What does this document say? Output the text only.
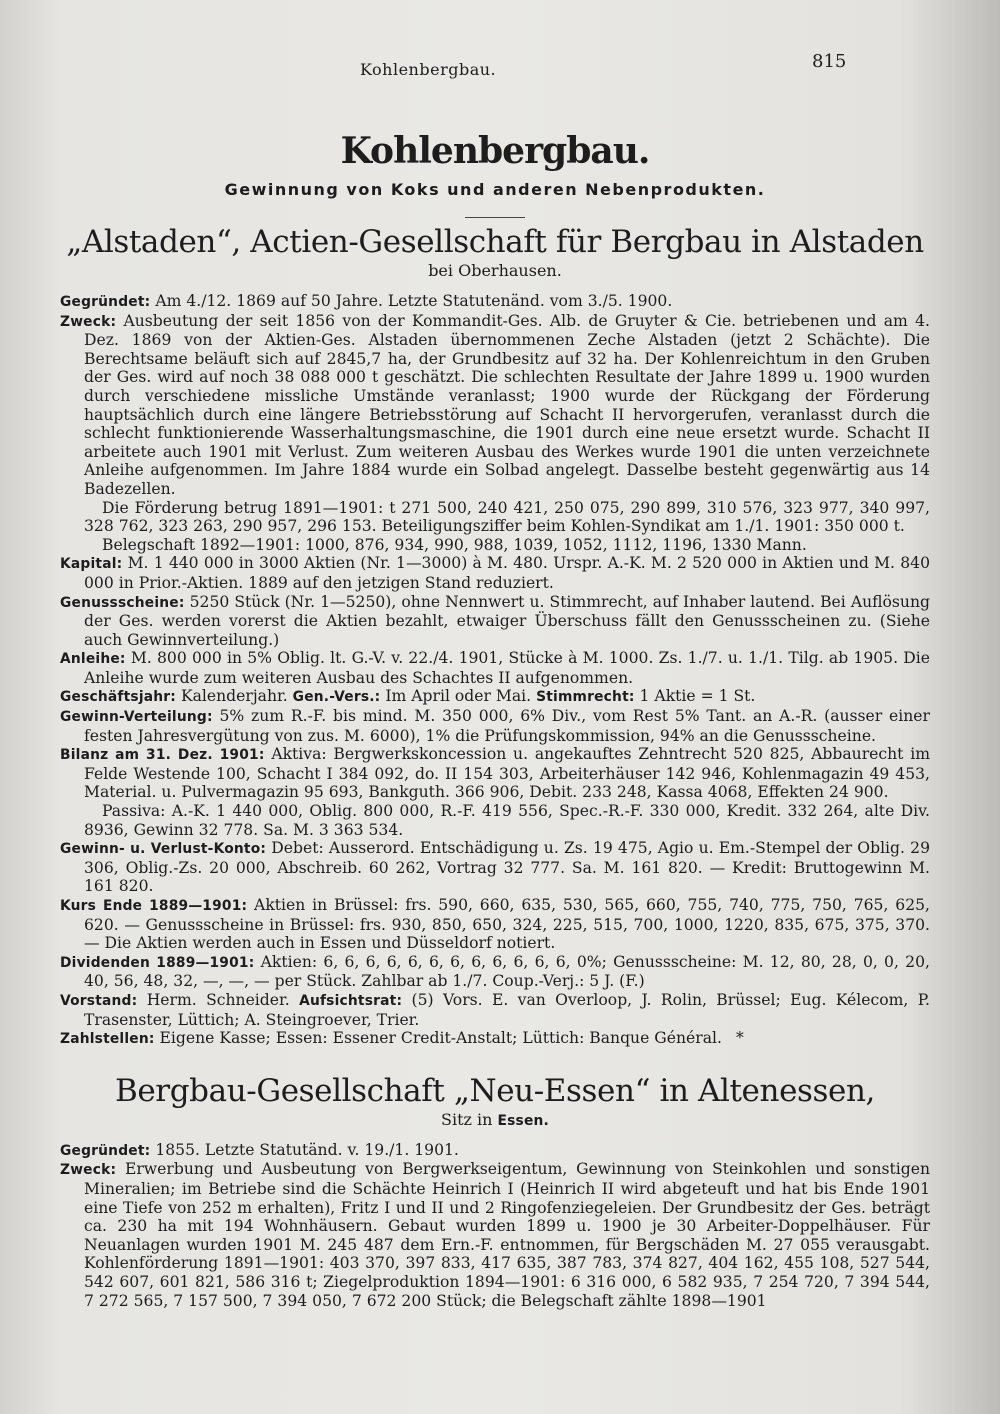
Kohlenbergbau.	815
Kohlenbergbau.
Gewinnung von Koks und anderen Nebenprodukten.
„Alstaden“, Actien-Gesellschaft für Bergbau in Alstaden
bei Oberhausen.

Gegründet: Am 4./12. 1869 auf 50 Jahre. Letzte Statutenänd. vom 3./5. 1900.

Zweck: Ausbeutung der seit 1856 von der Kommandit-Ges. Alb. de Gruyter & Cie. betriebenen und am 4. Dez. 1869 von der Aktien-Ges. Alstaden übernommenen Zeche Alstaden (jetzt 2 Schächte). Die Berechtsame beläuft sich auf 2845,7 ha, der Grundbesitz auf 32 ha. Der Kohlenreichtum in den Gruben der Ges. wird auf noch 38 088 000 t geschätzt. Die schlechten Resultate der Jahre 1899 u. 1900 wurden durch verschiedene missliche Umstände veranlasst; 1900 wurde der Rückgang der Förderung hauptsächlich durch eine längere Betriebsstörung auf Schacht II hervorgerufen, veranlasst durch die schlecht funktionierende Wasserhaltungsmaschine, die 1901 durch eine neue ersetzt wurde. Schacht II arbeitete auch 1901 mit Verlust. Zum weiteren Ausbau des Werkes wurde 1901 die unten verzeichnete Anleihe aufgenommen. Im Jahre 1884 wurde ein Solbad angelegt. Dasselbe besteht gegenwärtig aus 14 Badezellen.

Die Förderung betrug 1891—1901: t 271 500, 240 421, 250 075, 290 899, 310 576, 323 977, 340 997, 328 762, 323 263, 290 957, 296 153. Beteiligungsziffer beim Kohlen-Syndikat am 1./1. 1901: 350 000 t.

Belegschaft 1892—1901: 1000, 876, 934, 990, 988, 1039, 1052, 1112, 1196, 1330 Mann.

Kapital: M. 1 440 000 in 3000 Aktien (Nr. 1—3000) à M. 480. Urspr. A.-K. M. 2 520 000 in Aktien und M. 840 000 in Prior.-Aktien. 1889 auf den jetzigen Stand reduziert.

Genussscheine: 5250 Stück (Nr. 1—5250), ohne Nennwert u. Stimmrecht, auf Inhaber lautend. Bei Auflösung der Ges. werden vorerst die Aktien bezahlt, etwaiger Überschuss fällt den Genussscheinen zu. (Siehe auch Gewinnverteilung.)

Anleihe: M. 800 000 in 5% Oblig. lt. G.-V. v. 22./4. 1901, Stücke à M. 1000. Zs. 1./7. u. 1./1. Tilg. ab 1905. Die Anleihe wurde zum weiteren Ausbau des Schachtes II aufgenommen.

Geschäftsjahr: Kalenderjahr. Gen.-Vers.: Im April oder Mai. Stimmrecht: 1 Aktie = 1 St.

Gewinn-Verteilung: 5% zum R.-F. bis mind. M. 350 000, 6% Div., vom Rest 5% Tant. an A.-R. (ausser einer festen Jahresvergütung von zus. M. 6000), 1% die Prüfungskommission, 94% an die Genussscheine.

Bilanz am 31. Dez. 1901: Aktiva: Bergwerkskoncession u. angekauftes Zehntrecht 520 825, Abbaurecht im Felde Westende 100, Schacht I 384 092, do. II 154 303, Arbeiterhäuser 142 946, Kohlenmagazin 49 453, Material. u. Pulvermagazin 95 693, Bankguth. 366 906, Debit. 233 248, Kassa 4068, Effekten 24 900.

Passiva: A.-K. 1 440 000, Oblig. 800 000, R.-F. 419 556, Spec.-R.-F. 330 000, Kredit. 332 264, alte Div. 8936, Gewinn 32 778. Sa. M. 3 363 534.

Gewinn- u. Verlust-Konto: Debet: Ausserord. Entschädigung u. Zs. 19 475, Agio u. Em.-Stempel der Oblig. 29 306, Oblig.-Zs. 20 000, Abschreib. 60 262, Vortrag 32 777. Sa. M. 161 820. — Kredit: Bruttogewinn M. 161 820.

Kurs Ende 1889—1901: Aktien in Brüssel: frs. 590, 660, 635, 530, 565, 660, 755, 740, 775, 750, 765, 625, 620. — Genussscheine in Brüssel: frs. 930, 850, 650, 324, 225, 515, 700, 1000, 1220, 835, 675, 375, 370. — Die Aktien werden auch in Essen und Düsseldorf notiert.

Dividenden 1889—1901: Aktien: 6, 6, 6, 6, 6, 6, 6, 6, 6, 6, 6, 6, 0%; Genussscheine: M. 12, 80, 28, 0, 0, 20, 40, 56, 48, 32, —, —, — per Stück. Zahlbar ab 1./7. Coup.-Verj.: 5 J. (F.)

Vorstand: Herm. Schneider. Aufsichtsrat: (5) Vors. E. van Overloop, J. Rolin, Brüssel; Eug. Kélecom, P. Trasenster, Lüttich; A. Steingroever, Trier.

Zahlstellen: Eigene Kasse; Essen: Essener Credit-Anstalt; Lüttich: Banque Général. *

Bergbau-Gesellschaft „Neu-Essen“ in Altenessen,
Sitz in Essen.

Gegründet: 1855. Letzte Statutänd. v. 19./1. 1901.

Zweck: Erwerbung und Ausbeutung von Bergwerkseigentum, Gewinnung von Steinkohlen und sonstigen Mineralien; im Betriebe sind die Schächte Heinrich I (Heinrich II wird abgeteuft und hat bis Ende 1901 eine Tiefe von 252 m erhalten), Fritz I und II und 2 Ringofenziegeleien. Der Grundbesitz der Ges. beträgt ca. 230 ha mit 194 Wohnhäusern. Gebaut wurden 1899 u. 1900 je 30 Arbeiter-Doppelhäuser. Für Neuanlagen wurden 1901 M. 245 487 dem Ern.-F. entnommen, für Bergschäden M. 27 055 verausgabt. Kohlenförderung 1891—1901: 403 370, 397 833, 417 635, 387 783, 374 827, 404 162, 455 108, 527 544, 542 607, 601 821, 586 316 t; Ziegelproduktion 1894—1901: 6 316 000, 6 582 935, 7 254 720, 7 394 544, 7 272 565, 7 157 500, 7 394 050, 7 672 200 Stück; die Belegschaft zählte 1898—1901
